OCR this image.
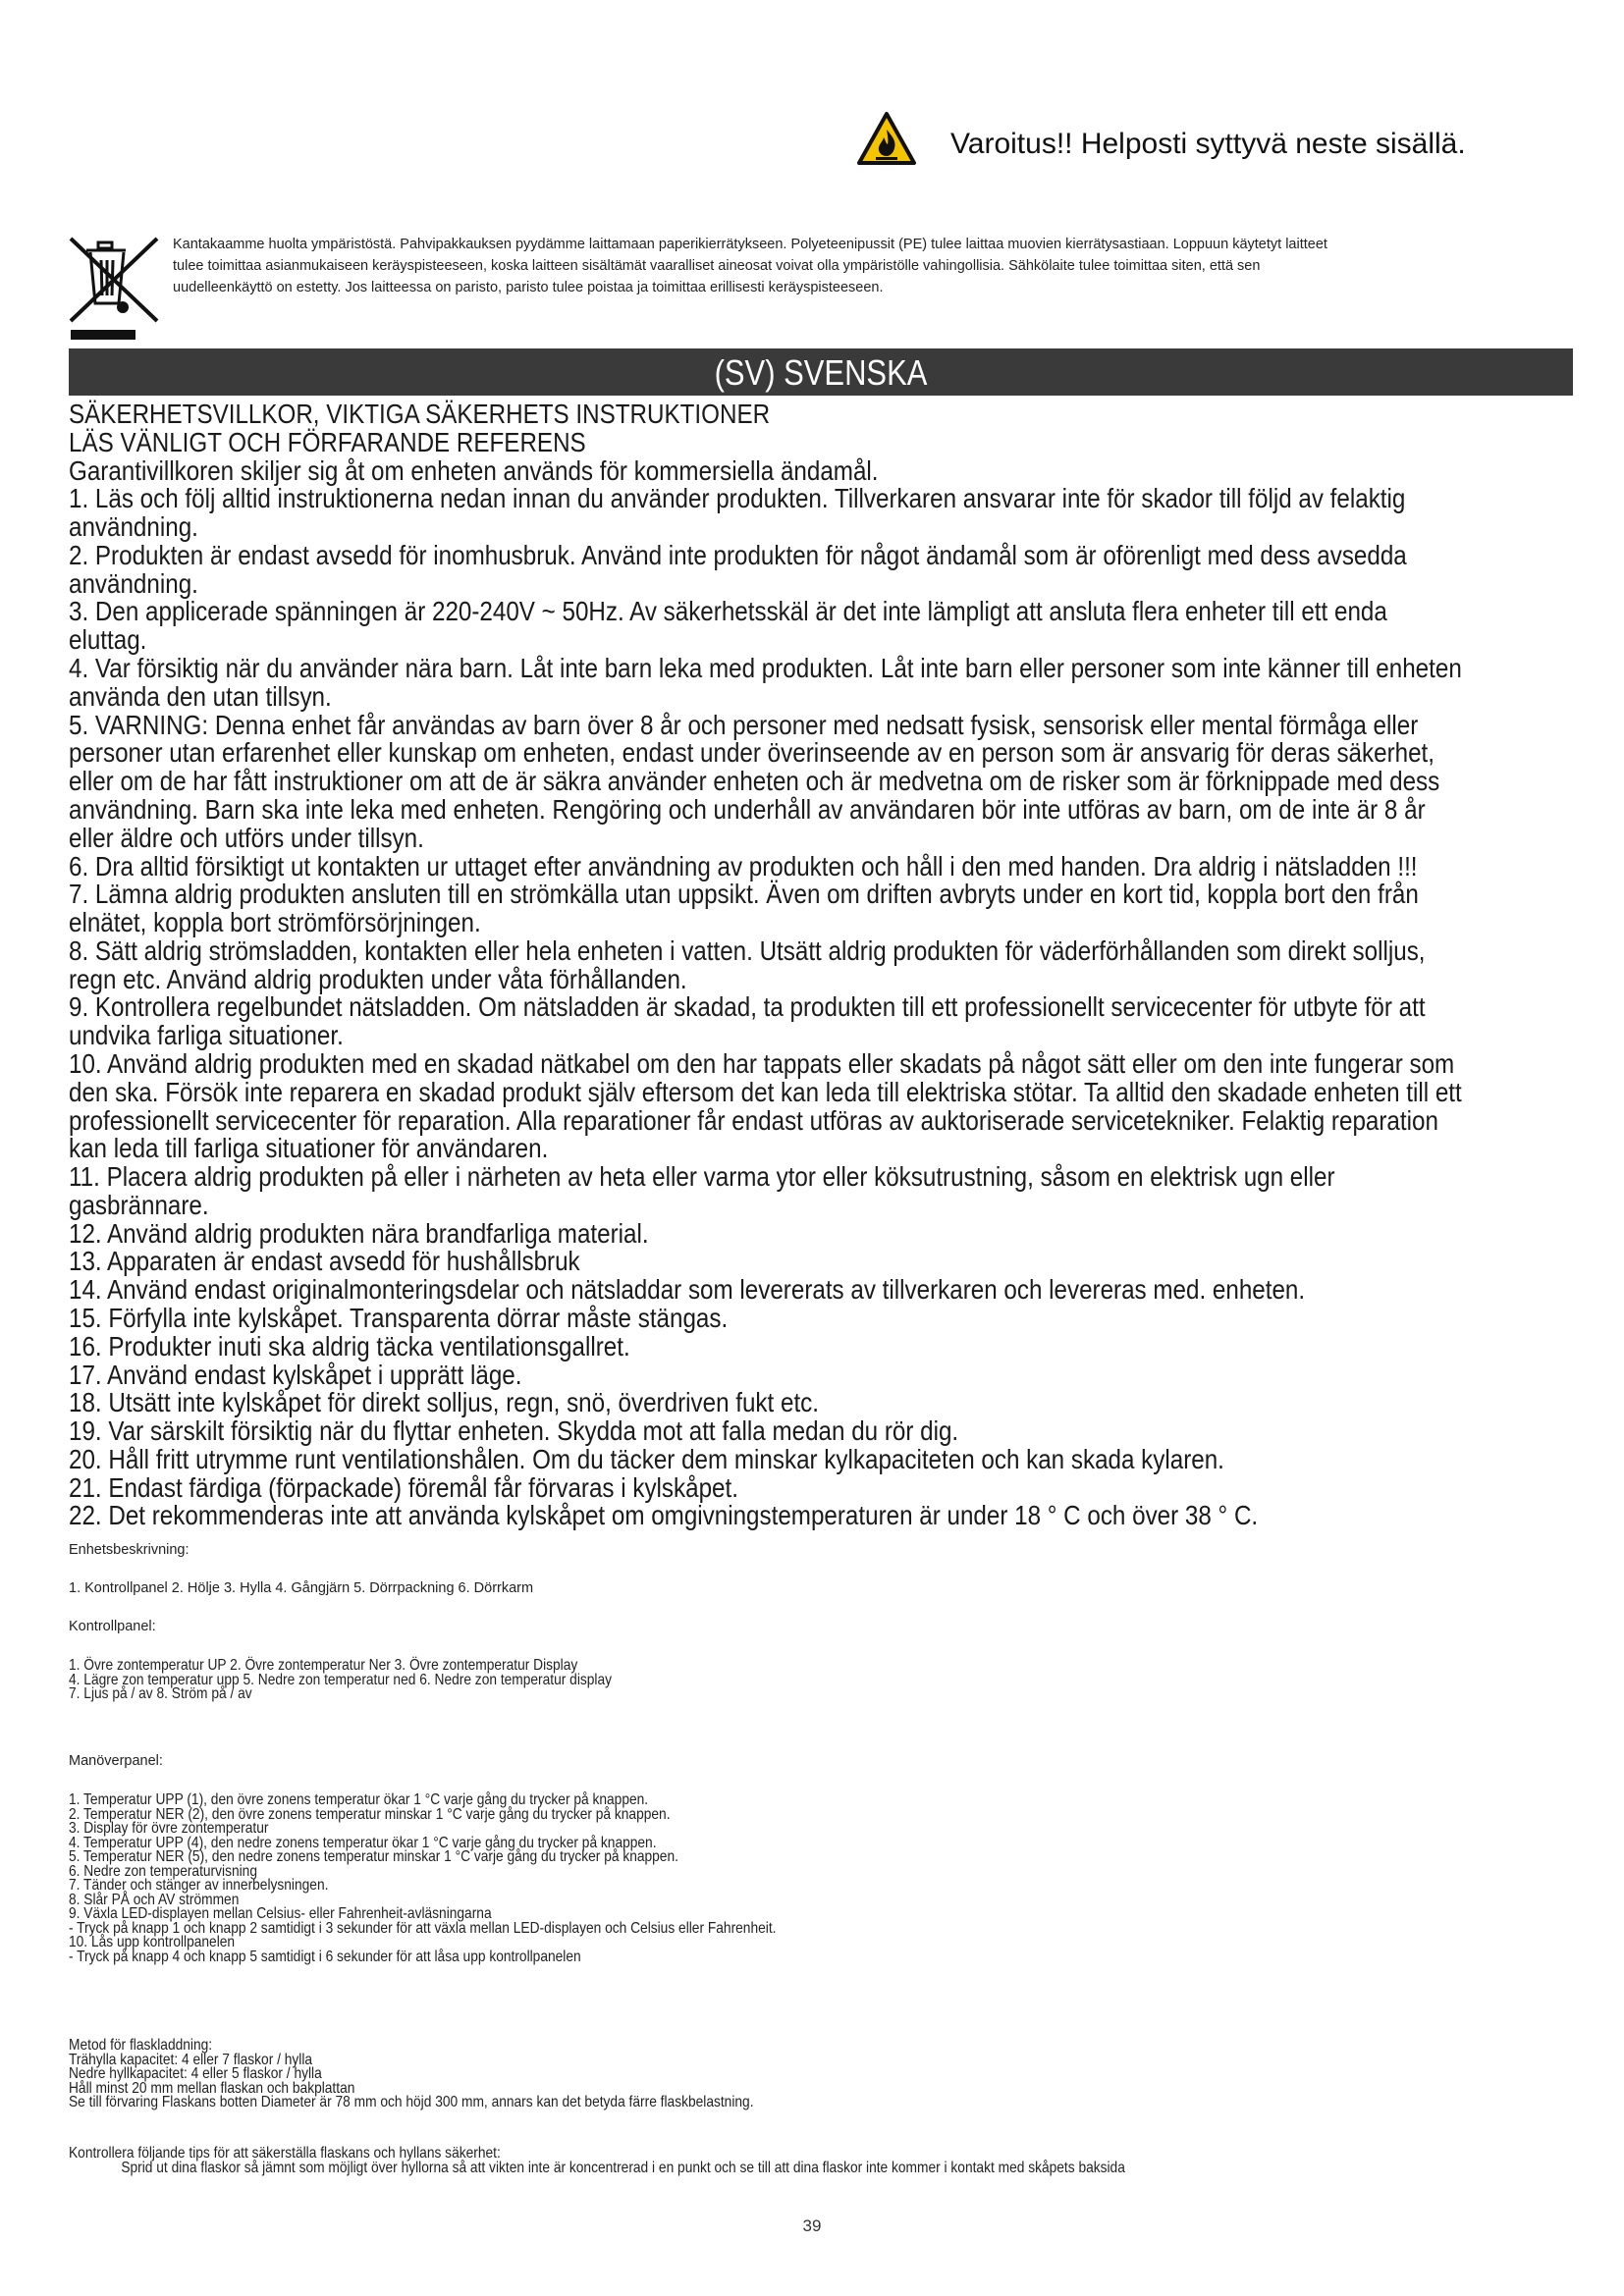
Varoitus!! Helposti syttyvä neste sisällä.
Kantakaamme huolta ympäristöstä. Pahvipakkauksen pyydämme laittamaan paperikierrätykseen. Polyeteenipussit (PE) tulee laittaa muovien kierrätysastiaan. Loppuun käytetyt laitteet
tulee toimittaa asianmukaiseen keräyspisteeseen, koska laitteen sisältämät vaaralliset aineosat voivat olla ympäristölle vahingollisia. Sähkölaite tulee toimittaa siten, että sen
uudelleenkäyttö on estetty. Jos laitteessa on paristo, paristo tulee poistaa ja toimittaa erillisesti keräyspisteeseen.
(SV) SVENSKA
SÄKERHETSVILLKOR, VIKTIGA SÄKERHETS INSTRUKTIONER
LÄS VÄNLIGT OCH FÖRFARANDE REFERENS
Garantivillkoren skiljer sig åt om enheten används för kommersiella ändamål.
1. Läs och följ alltid instruktionerna nedan innan du använder produkten. Tillverkaren ansvarar inte för skador till följd av felaktig
användning.
2. Produkten är endast avsedd för inomhusbruk. Använd inte produkten för något ändamål som är oförenligt med dess avsedda
användning.
3. Den applicerade spänningen är 220-240V ~ 50Hz. Av säkerhetsskäl är det inte lämpligt att ansluta flera enheter till ett enda
eluttag.
4. Var försiktig när du använder nära barn. Låt inte barn leka med produkten. Låt inte barn eller personer som inte känner till enheten
använda den utan tillsyn.
5. VARNING: Denna enhet får användas av barn över 8 år och personer med nedsatt fysisk, sensorisk eller mental förmåga eller
personer utan erfarenhet eller kunskap om enheten, endast under överinseende av en person som är ansvarig för deras säkerhet,
eller om de har fått instruktioner om att de är säkra använder enheten och är medvetna om de risker som är förknippade med dess
användning. Barn ska inte leka med enheten. Rengöring och underhåll av användaren bör inte utföras av barn, om de inte är 8 år
eller äldre och utförs under tillsyn.
6. Dra alltid försiktigt ut kontakten ur uttaget efter användning av produkten och håll i den med handen. Dra aldrig i nätsladden !!!
7. Lämna aldrig produkten ansluten till en strömkälla utan uppsikt. Även om driften avbryts under en kort tid, koppla bort den från
elnätet, koppla bort strömförsörjningen.
8. Sätt aldrig strömsladden, kontakten eller hela enheten i vatten. Utsätt aldrig produkten för väderförhållanden som direkt solljus,
regn etc. Använd aldrig produkten under våta förhållanden.
9. Kontrollera regelbundet nätsladden. Om nätsladden är skadad, ta produkten till ett professionellt servicecenter för utbyte för att
undvika farliga situationer.
10. Använd aldrig produkten med en skadad nätkabel om den har tappats eller skadats på något sätt eller om den inte fungerar som
den ska. Försök inte reparera en skadad produkt själv eftersom det kan leda till elektriska stötar. Ta alltid den skadade enheten till ett
professionellt servicecenter för reparation. Alla reparationer får endast utföras av auktoriserade servicetekniker. Felaktig reparation
kan leda till farliga situationer för användaren.
11. Placera aldrig produkten på eller i närheten av heta eller varma ytor eller köksutrustning, såsom en elektrisk ugn eller
gasbrännare.
12. Använd aldrig produkten nära brandfarliga material.
13. Apparaten är endast avsedd för hushållsbruk
14. Använd endast originalmonteringsdelar och nätsladdar som levererats av tillverkaren och levereras med. enheten.
15. Förfylla inte kylskåpet. Transparenta dörrar måste stängas.
16. Produkter inuti ska aldrig täcka ventilationsgallret.
17. Använd endast kylskåpet i upprätt läge.
18. Utsätt inte kylskåpet för direkt solljus, regn, snö, överdriven fukt etc.
19. Var särskilt försiktig när du flyttar enheten. Skydda mot att falla medan du rör dig.
20. Håll fritt utrymme runt ventilationshålen. Om du täcker dem minskar kylkapaciteten och kan skada kylaren.
21. Endast färdiga (förpackade) föremål får förvaras i kylskåpet.
22. Det rekommenderas inte att använda kylskåpet om omgivningstemperaturen är under 18 ° C och över 38 ° C.
Enhetsbeskrivning:
1. Kontrollpanel 2. Hölje 3. Hylla 4. Gångjärn 5. Dörrpackning 6. Dörrkarm
Kontrollpanel:
1. Övre zontemperatur UP 2. Övre zontemperatur Ner 3. Övre zontemperatur Display
4. Lägre zon temperatur upp 5. Nedre zon temperatur ned 6. Nedre zon temperatur display
7. Ljus på / av 8. Ström på / av
Manöverpanel:
1. Temperatur UPP (1), den övre zonens temperatur ökar 1 °C varje gång du trycker på knappen.
2. Temperatur NER (2), den övre zonens temperatur minskar 1 °C varje gång du trycker på knappen.
3. Display för övre zontemperatur
4. Temperatur UPP (4), den nedre zonens temperatur ökar 1 °C varje gång du trycker på knappen.
5. Temperatur NER (5), den nedre zonens temperatur minskar 1 °C varje gång du trycker på knappen.
6. Nedre zon temperaturvisning
7. Tänder och stänger av innerbelysningen.
8. Slår PÅ och AV strömmen
9. Växla LED-displayen mellan Celsius- eller Fahrenheit-avläsningarna
- Tryck på knapp 1 och knapp 2 samtidigt i 3 sekunder för att växla mellan LED-displayen och Celsius eller Fahrenheit.
10. Lås upp kontrollpanelen
- Tryck på knapp 4 och knapp 5 samtidigt i 6 sekunder för att låsa upp kontrollpanelen
Metod för flaskladdning:
Trähylla kapacitet: 4 eller 7 flaskor / hylla
Nedre hyllkapacitet: 4 eller 5 flaskor / hylla
Håll minst 20 mm mellan flaskan och bakplattan
Se till förvaring Flaskans botten Diameter är 78 mm och höjd 300 mm, annars kan det betyda färre flaskbelastning.
Kontrollera följande tips för att säkerställa flaskans och hyllans säkerhet:
Sprid ut dina flaskor så jämnt som möjligt över hyllorna så att vikten inte är koncentrerad i en punkt och se till att dina flaskor inte kommer i kontakt med skåpets baksida
39
